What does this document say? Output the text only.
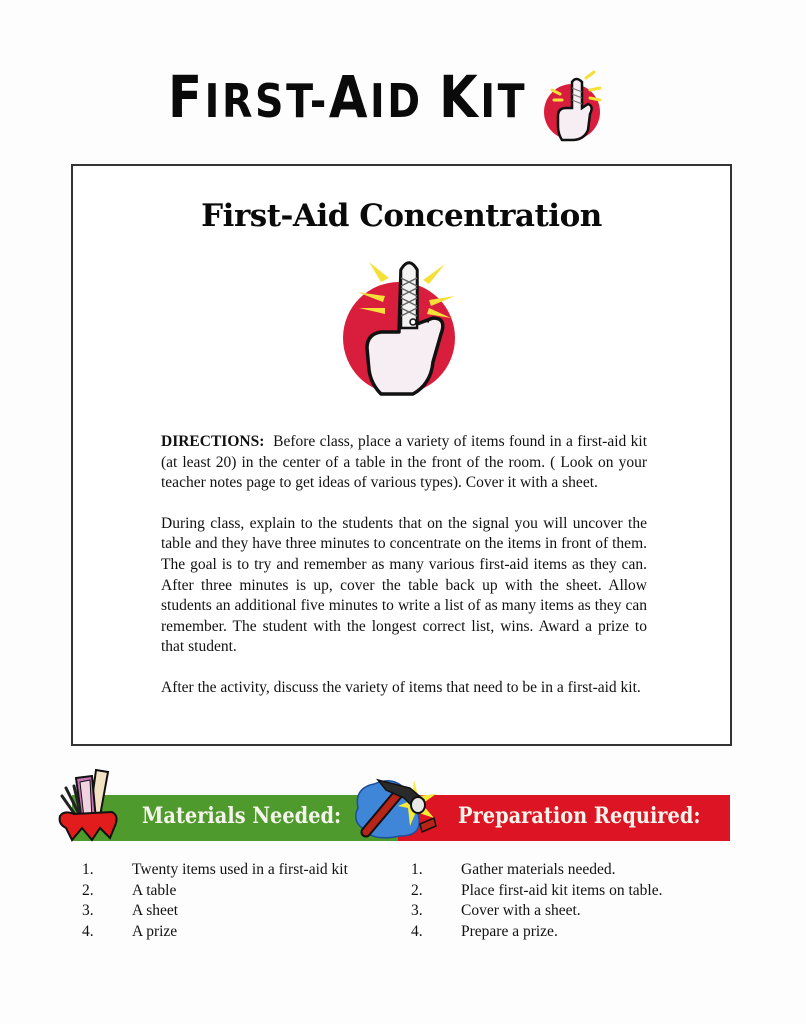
FIRST-AID KIT
First-Aid Concentration

DIRECTIONS: Before class, place a variety of items found in a first-aid kit (at least 20) in the center of a table in the front of the room. ( Look on your teacher notes page to get ideas of various types). Cover it with a sheet.

During class, explain to the students that on the signal you will uncover the table and they have three minutes to concentrate on the items in front of them. The goal is to try and remember as many various first-aid items as they can. After three minutes is up, cover the table back up with the sheet. Allow students an additional five minutes to write a list of as many items as they can remember. The student with the longest correct list, wins. Award a prize to that student.

After the activity, discuss the variety of items that need to be in a first-aid kit.

Materials Needed:	Preparation Required:
1. Twenty items used in a first-aid kit
2. A table
3. A sheet
4. A prize
1. Gather materials needed.
2. Place first-aid kit items on table.
3. Cover with a sheet.
4. Prepare a prize.
